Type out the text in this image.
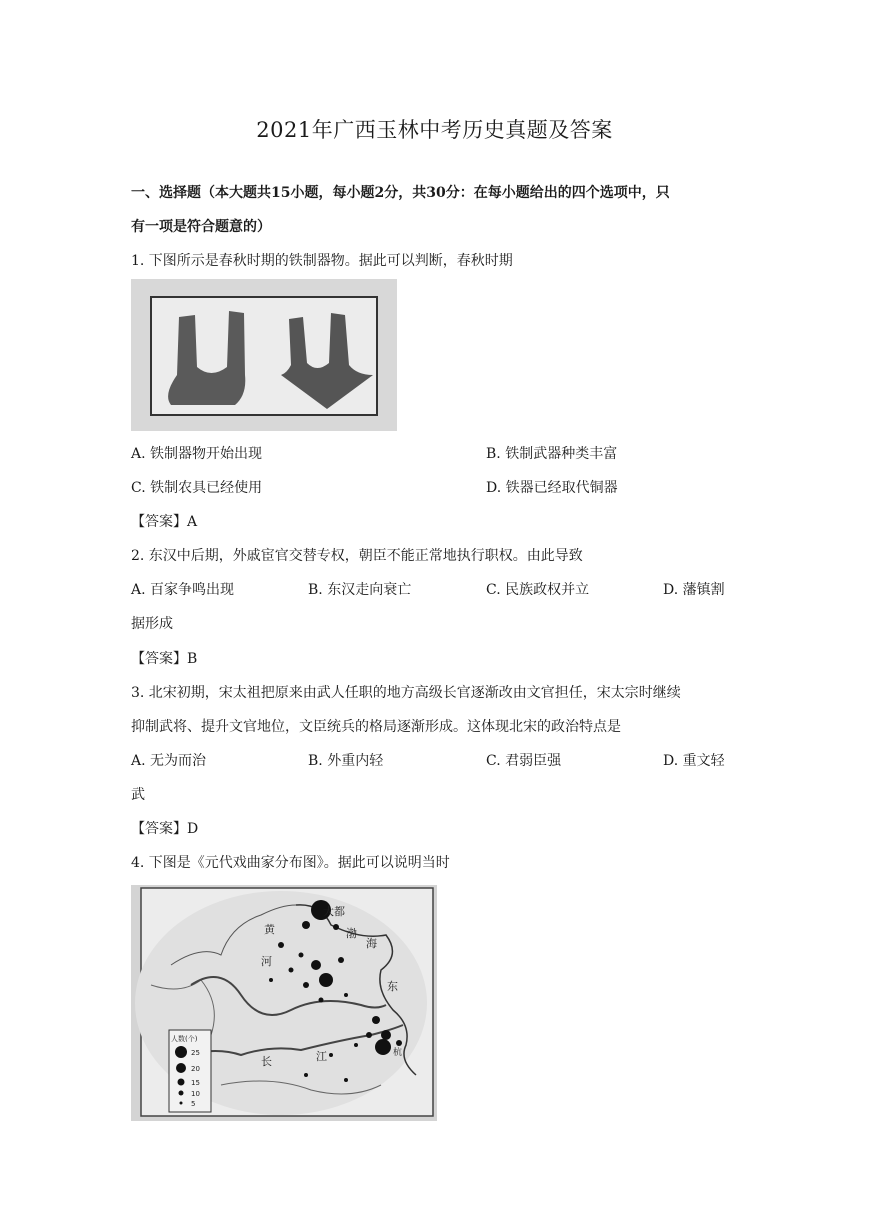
2021年广西玉林中考历史真题及答案
一、选择题（本大题共15小题，每小题2分，共30分：在每小题给出的四个选项中，只
有一项是符合题意的）
1. 下图所示是春秋时期的铁制器物。据此可以判断，春秋时期
A. 铁制器物开始出现	B. 铁制武器种类丰富
C. 铁制农具已经使用	D. 铁器已经取代铜器
【答案】A
2. 东汉中后期，外戚宦官交替专权，朝臣不能正常地执行职权。由此导致
A. 百家争鸣出现	B. 东汉走向衰亡	C. 民族政权并立	D. 藩镇割
据形成
【答案】B
3. 北宋初期，宋太祖把原来由武人任职的地方高级长官逐渐改由文官担任，宋太宗时继续
抑制武将、提升文官地位，文臣统兵的格局逐渐形成。这体现北宋的政治特点是
A. 无为而治	B. 外重内轻	C. 君弱臣强	D. 重文轻
武
【答案】D
4. 下图是《元代戏曲家分布图》。据此可以说明当时
大都
黄
河
渤
海
东
长	江	杭
人数(个)
25
20
15
10
5
